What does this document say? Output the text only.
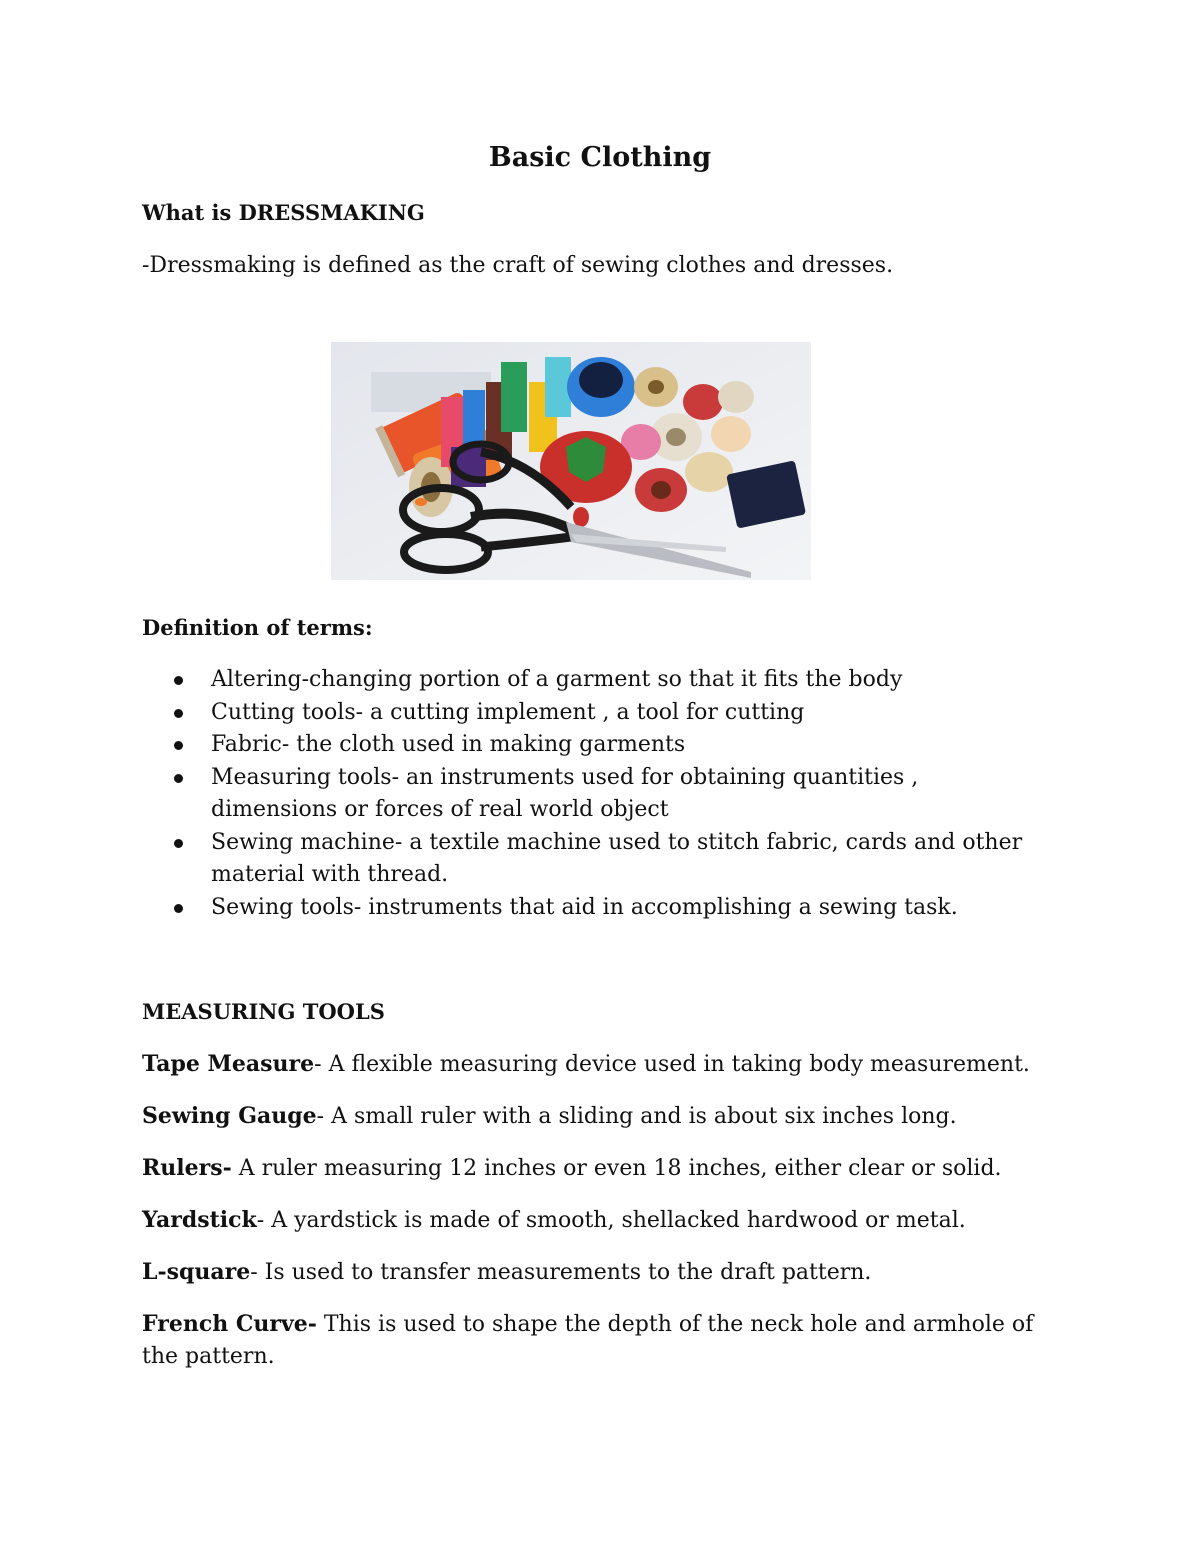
Basic Clothing
What is DRESSMAKING
-Dressmaking is defined as the craft of sewing clothes and dresses.
Definition of terms:
Altering-changing portion of a garment so that it fits the body
Cutting tools- a cutting implement , a tool for cutting
Fabric- the cloth used in making garments
Measuring tools- an instruments used for obtaining quantities , dimensions or forces of real world object
Sewing machine- a textile machine used to stitch fabric, cards and other material with thread.
Sewing tools- instruments that aid in accomplishing a sewing task.
MEASURING TOOLS
Tape Measure- A flexible measuring device used in taking body measurement.
Sewing Gauge- A small ruler with a sliding and is about six inches long.
Rulers- A ruler measuring 12 inches or even 18 inches, either clear or solid.
Yardstick- A yardstick is made of smooth, shellacked hardwood or metal.
L-square- Is used to transfer measurements to the draft pattern.
French Curve- This is used to shape the depth of the neck hole and armhole of the pattern.
